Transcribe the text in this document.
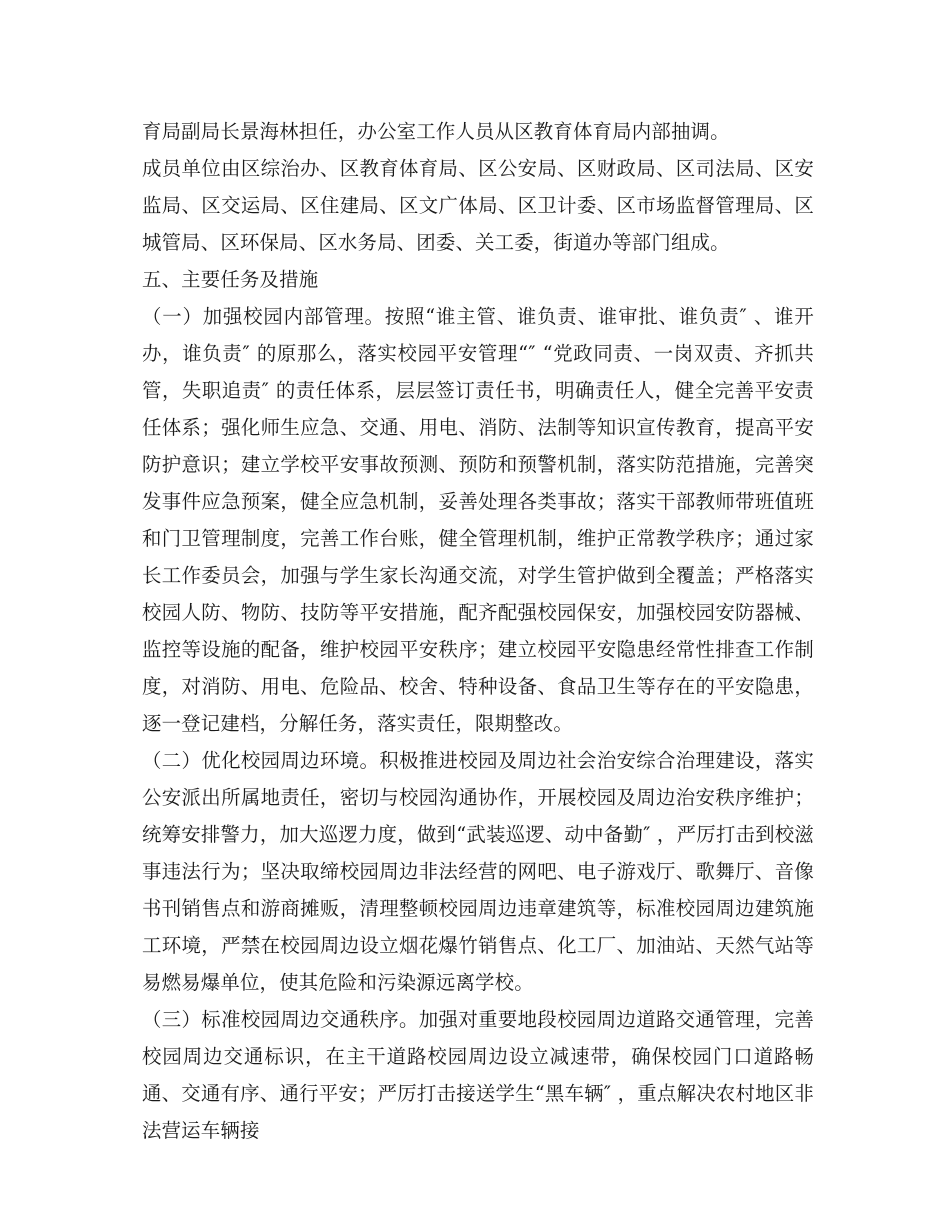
育局副局长景海林担任，办公室工作人员从区教育体育局内部抽调。

成员单位由区综治办、区教育体育局、区公安局、区财政局、区司法局、区安监局、区交运局、区住建局、区文广体局、区卫计委、区市场监督管理局、区城管局、区环保局、区水务局、团委、关工委，街道办等部门组成。

五、主要任务及措施

（一）加强校园内部管理。按照“谁主管、谁负责、谁审批、谁负责″ 、谁开办，谁负责″ 的原那么，落实校园平安管理“″ “党政同责、一岗双责、齐抓共管，失职追责″ 的责任体系，层层签订责任书，明确责任人，健全完善平安责任体系；强化师生应急、交通、用电、消防、法制等知识宣传教育，提高平安防护意识；建立学校平安事故预测、预防和预警机制，落实防范措施，完善突发事件应急预案，健全应急机制，妥善处理各类事故；落实干部教师带班值班和门卫管理制度，完善工作台账，健全管理机制，维护正常教学秩序；通过家长工作委员会，加强与学生家长沟通交流，对学生管护做到全覆盖；严格落实校园人防、物防、技防等平安措施，配齐配强校园保安，加强校园安防器械、监控等设施的配备，维护校园平安秩序；建立校园平安隐患经常性排查工作制度，对消防、用电、危险品、校舍、特种设备、食品卫生等存在的平安隐患，逐一登记建档，分解任务，落实责任，限期整改。

（二）优化校园周边环境。积极推进校园及周边社会治安综合治理建设，落实公安派出所属地责任，密切与校园沟通协作，开展校园及周边治安秩序维护；统筹安排警力，加大巡逻力度，做到“武装巡逻、动中备勤″ ，严厉打击到校滋事违法行为；坚决取缔校园周边非法经营的网吧、电子游戏厅、歌舞厅、音像书刊销售点和游商摊贩，清理整顿校园周边违章建筑等，标准校园周边建筑施工环境，严禁在校园周边设立烟花爆竹销售点、化工厂、加油站、天然气站等易燃易爆单位，使其危险和污染源远离学校。

（三）标准校园周边交通秩序。加强对重要地段校园周边道路交通管理，完善校园周边交通标识，在主干道路校园周边设立减速带，确保校园门口道路畅通、交通有序、通行平安；严厉打击接送学生“黑车辆″ ，重点解决农村地区非法营运车辆接
